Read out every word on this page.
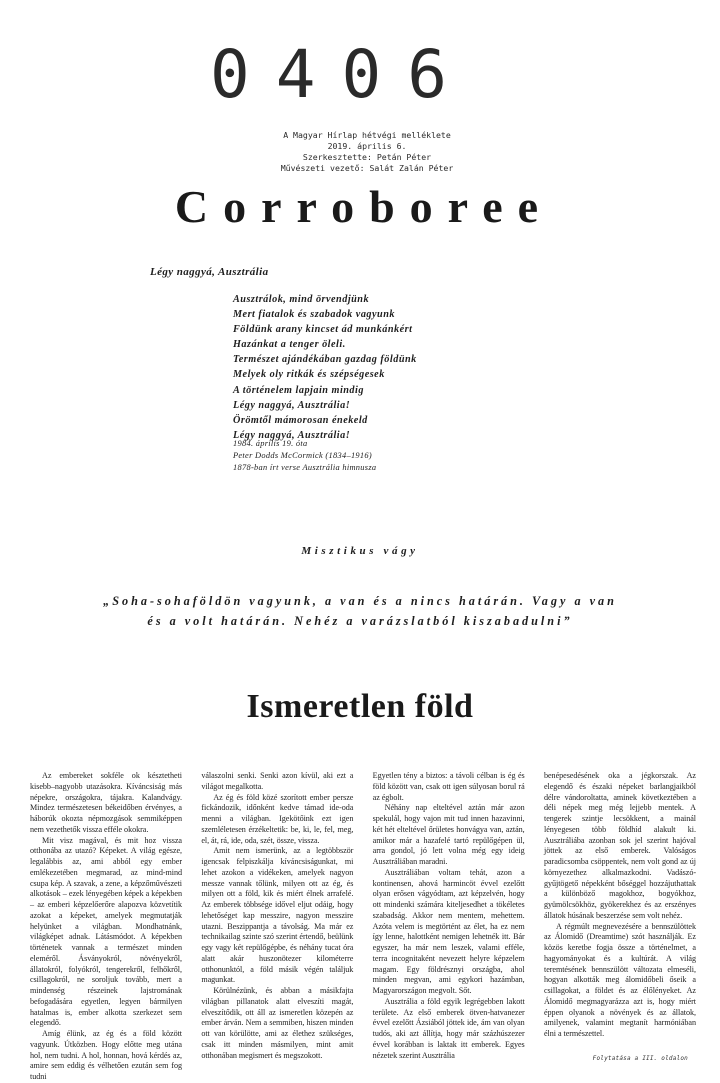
0406
A Magyar Hírlap hétvégi melléklete
2019. április 6.
Szerkesztette: Petán Péter
Művészeti vezető: Salát Zalán Péter
Corroboree
Légy naggyá, Ausztrália
Ausztrálok, mind örvendjünk
Mert fiatalok és szabadok vagyunk
Földünk arany kincset ád munkánkért
Hazánkat a tenger öleli.
Természet ajándékában gazdag földünk
Melyek oly ritkák és szépségesek
A történelem lapjain mindig
Légy naggyá, Ausztrália!
Örömtől mámorosan énekeld
Légy naggyá, Ausztrália!
1984. április 19. óta
Peter Dodds McCormick (1834–1916)
1878-ban írt verse Ausztrália himnusza
Misztikus vágy
„Soha-sohaföldön vagyunk, a van és a nincs határán. Vagy a van
és a volt határán. Nehéz a varázslatból kiszabadulni”
Ismeretlen föld

Az embereket sokféle ok késztetheti kisebb–nagyobb utazásokra. Kíváncsiság más népekre, országokra, tájakra. Kalandvágy. Mindez természetesen békeidőben érvényes, a háborúk okozta népmozgások semmiképpen nem vezethetők vissza efféle okokra.

Mit visz magával, és mit hoz vissza otthonába az utazó? Képeket. A világ egésze, legalábbis az, ami abból egy ember emlékezetében megmarad, az mind-mind csupa kép. A szavak, a zene, a képzőművészeti alkotások – ezek lényegében képek a képekben – az emberi képzelőerőre alapozva közvetítik azokat a képeket, amelyek megmutatják helyünket a világban. Mondhatnánk, világképet adnak. Látásmódot. A képekben történetek vannak a természet minden eleméről. Ásványokról, növényekről, állatokról, folyókról, tengerekről, felhőkről, csillagokról, ne soroljuk tovább, mert a mindenség részeinek lajstromának befogadására egyetlen, legyen bármilyen hatalmas is, ember alkotta szerkezet sem elegendő.

Amíg élünk, az ég és a föld között vagyunk. Útközben. Hogy előtte meg utána hol, nem tudni. A hol, honnan, hová kérdés az, amire sem eddig és vélhetően ezután sem fog tudni

válaszolni senki. Senki azon kívül, aki ezt a világot megalkotta.

Az ég és föld közé szorított ember persze fickándozik, időnként kedve támad ide-oda menni a világban. Igekötőink ezt igen szemléletesen érzékeltetik: be, ki, le, fel, meg, el, át, rá, ide, oda, szét, össze, vissza.

Amit nem ismerünk, az a legtöbbször igencsak felpiszkálja kíváncsiságunkat, mi lehet azokon a vidékeken, amelyek nagyon messze vannak tőlünk, milyen ott az ég, és milyen ott a föld, kik és miért élnek arrafelé. Az emberek többsége idővel eljut odáig, hogy lehetőséget kap messzire, nagyon messzire utazni. Beszippantja a távolság. Ma már ez technikailag szinte szó szerint értendő, beülünk egy vagy két repülőgépbe, és néhány tucat óra alatt akár huszonötezer kilométerre otthonunktól, a föld másik végén találjuk magunkat.

Körülnézünk, és abban a másikfajta világban pillanatok alatt elveszíti magát, elveszítődik, ott áll az ismeretlen közepén az ember árván. Nem a semmiben, hiszen minden ott van körülötte, ami az élethez szükséges, csak itt minden másmilyen, mint amit otthonában megismert és megszokott.

Egyetlen tény a biztos: a távoli célban is ég és föld között van, csak ott igen súlyosan borul rá az égbolt.

Néhány nap elteltével aztán már azon spekulál, hogy vajon mit tud innen hazavinni, két hét elteltével őrületes honvágya van, aztán, amikor már a hazafelé tartó repülőgépen ül, arra gondol, jó lett volna még egy ideig Ausztráliában maradni.

Ausztráliában voltam tehát, azon a kontinensen, ahová harmincöt évvel ezelőtt olyan erősen vágyódtam, azt képzelvén, hogy ott mindenki számára kiteljesedhet a tökéletes szabadság. Akkor nem mentem, mehettem. Azóta velem is megtörtént az élet, ha ez nem így lenne, halottként nemigen lehetnék itt. Bár egyszer, ha már nem leszek, valami efféle, terra incognitaként nevezett helyre képzelem magam. Egy földrésznyi országba, ahol minden megvan, ami egykori hazámban, Magyarországon megvolt. Sőt.

Ausztrália a föld egyik legrégebben lakott területe. Az első emberek ötven-hatvanezer évvel ezelőtt Ázsiából jöttek ide, ám van olyan tudós, aki azt állítja, hogy már százhúszezer évvel korábban is laktak itt emberek. Egyes nézetek szerint Ausztrália

benépesedésének oka a jégkorszak. Az elegendő és északi népeket barlangjaikból délre vándoroltatta, aminek következtében a déli népek meg még lejjebb mentek. A tengerek szintje lecsökkent, a mainál lényegesen több földhíd alakult ki. Ausztráliába azonban sok jel szerint hajóval jöttek az első emberek. Valóságos paradicsomba csöppentek, nem volt gond az új környezethez alkalmazkodni. Vadászó-gyűjtögető népekként bőséggel hozzájuthattak a különböző magokhoz, bogyókhoz, gyümölcsökhöz, gyökerekhez és az erszényes állatok húsának beszerzése sem volt nehéz.

A régmúlt megnevezésére a bennszülöttek az Álomidő (Dreamtime) szót használják. Ez közös keretbe fogja össze a történelmet, a hagyományokat és a kultúrát. A világ teremtésének bennszülött változata elmeséli, hogyan alkották meg álomidőbeli őseik a csillagokat, a földet és az élőlényeket. Az Álomidő megmagyarázza azt is, hogy miért éppen olyanok a növények és az állatok, amilyenek, valamint megtanít harmóniában élni a természettel.

Folytatása a III. oldalon
